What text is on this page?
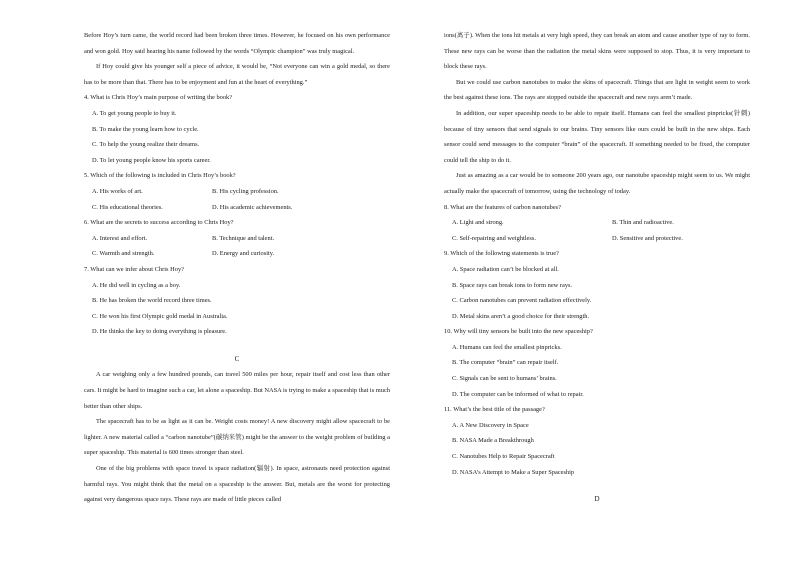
Before Hoy’s turn came, the world record had been broken three times. However, he focused on his own performance and won gold. Hoy said hearing his name followed by the words “Olympic champion” was truly magical.

If Hoy could give his younger self a piece of advice, it would be, “Not everyone can win a gold medal, so there has to be more than that. There has to be enjoyment and fun at the heart of everything.”

4. What is Chris Hoy’s main purpose of writing the book?

A. To get young people to buy it.

B. To make the young learn how to cycle.

C. To help the young realize their dreams.

D. To let young people know his sports career.

5. Which of the following is included in Chris Hoy’s book?

A. His works of art.	B. His cycling profession.
C. His educational theories.	D. His academic achievements.

6. What are the secrets to success according to Chris Hoy?

A. Interest and effort.	B. Technique and talent.
C. Warmth and strength.	D. Energy and curiosity.

7. What can we infer about Chris Hoy?

A. He did well in cycling as a boy.

B. He has broken the world record three times.

C. He won his first Olympic gold medal in Australia.

D. He thinks the key to doing everything is pleasure.

C

A car weighing only a few hundred pounds, can travel 500 miles per hour, repair itself and cost less than other cars. It might be hard to imagine such a car, let alone a spaceship. But NASA is trying to make a spaceship that is much better than other ships.

The spacecraft has to be as light as it can be. Weight costs money! A new discovery might allow spacecraft to be lighter. A new material called a “carbon nanotube”(碳纳米管) might be the answer to the weight problem of building a super spaceship. This material is 600 times stronger than steel.

One of the big problems with space travel is space radiation(辐射). In space, astronauts need protection against harmful rays. You might think that the metal on a spaceship is the answer. But, metals are the worst for protecting against very dangerous space rays. These rays are made of little pieces called

ions(离子). When the ions hit metals at very high speed, they can break an atom and cause another type of ray to form. These new rays can be worse than the radiation the metal skins were supposed to stop. Thus, it is very important to block these rays.

But we could use carbon nanotubes to make the skins of spacecraft. Things that are light in weight seem to work the best against these ions. The rays are stopped outside the spacecraft and new rays aren’t made.

In addition, our super spaceship needs to be able to repair itself. Humans can feel the smallest pinpricks(针刺) because of tiny sensors that send signals to our brains. Tiny sensors like ours could be built in the new ships. Each sensor could send messages to the computer “brain” of the spacecraft. If something needed to be fixed, the computer could tell the ship to do it.

Just as amazing as a car would be to someone 200 years ago, our nanotube spaceship might seem to us. We might actually make the spacecraft of tomorrow, using the technology of today.

8. What are the features of carbon nanotubes?

A. Light and strong.	B. Thin and radioactive.
C. Self-repairing and weightless.	D. Sensitive and protective.

9. Which of the following statements is true?

A. Space radiation can’t be blocked at all.

B. Space rays can break ions to form new rays.

C. Carbon nanotubes can prevent radiation effectively.

D. Metal skins aren’t a good choice for their strength.

10. Why will tiny sensors be built into the new spaceship?

A. Humans can feel the smallest pinpricks.

B. The computer “brain” can repair itself.

C. Signals can be sent to humans’ brains.

D. The computer can be informed of what to repair.

11. What’s the best title of the passage?

A. A New Discovery in Space

B. NASA Made a Breakthrough

C. Nanotubes Help to Repair Spacecraft

D. NASA’s Attempt to Make a Super Spaceship

D
